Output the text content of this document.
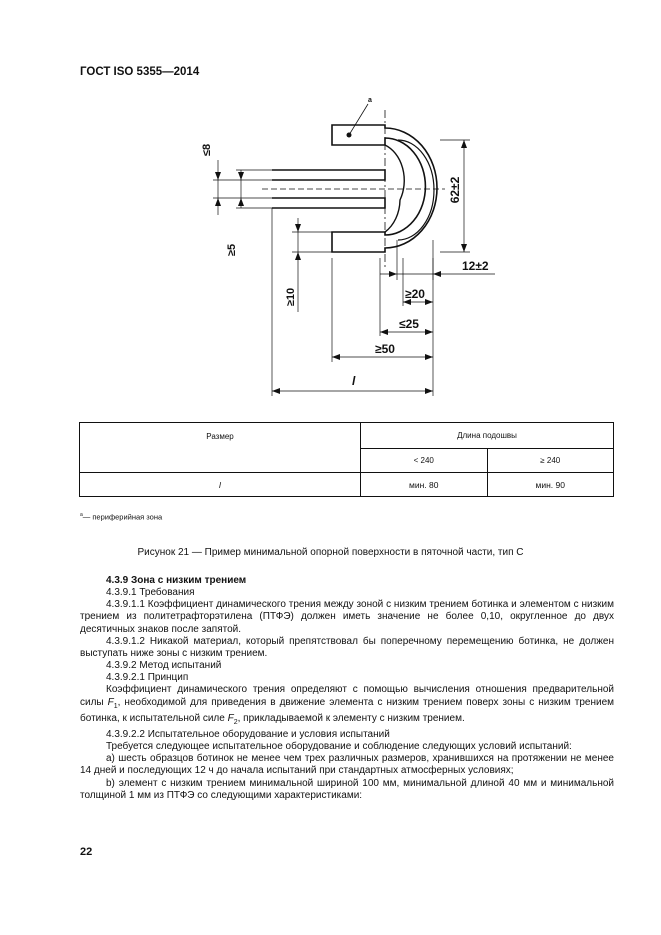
ГОСТ ISO 5355—2014
a
≤8
≥5
≥10
62±2
12±2
≥20
≤25
≥50
l
Размер	Длина подошвы	
	< 240	≥ 240
l	мин. 80	мин. 90
$^a$— периферийная зона
Рисунок 21 — Пример минимальной опорной поверхности в пяточной части, тип C

4.3.9 Зона с низким трением

4.3.9.1 Требования

4.3.9.1.1 Коэффициент динамического трения между зоной с низким трением ботинка и элементом с низким трением из политетрафторэтилена (ПТФЭ) должен иметь значение не более 0,10, округленное до двух десятичных знаков после запятой.

4.3.9.1.2 Никакой материал, который препятствовал бы поперечному перемещению ботинка, не должен выступать ниже зоны с низким трением.

4.3.9.2 Метод испытаний

4.3.9.2.1 Принцип

Коэффициент динамического трения определяют с помощью вычисления отношения предварительной силы $F_1$, необходимой для приведения в движение элемента с низким трением поверх зоны с низким трением ботинка, к испытательной силе $F_2$, прикладываемой к элементу с низким трением.

4.3.9.2.2 Испытательное оборудование и условия испытаний

Требуется следующее испытательное оборудование и соблюдение следующих условий испытаний:

a) шесть образцов ботинок не менее чем трех различных размеров, хранившихся на протяжении не менее 14 дней и последующих 12 ч до начала испытаний при стандартных атмосферных условиях;

b) элемент с низким трением минимальной шириной 100 мм, минимальной длиной 40 мм и минимальной толщиной 1 мм из ПТФЭ со следующими характеристиками:

22
